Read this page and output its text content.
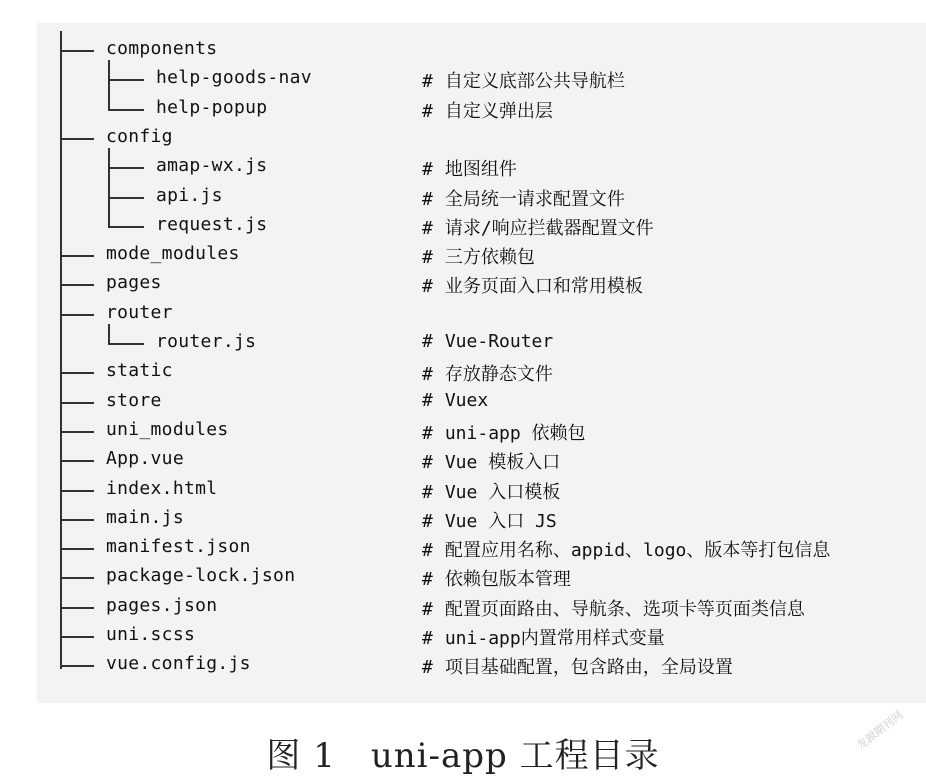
components
help-goods-nav	# 自定义底部公共导航栏
help-popup	# 自定义弹出层
config
amap-wx.js	# 地图组件
api.js	# 全局统一请求配置文件
request.js	# 请求/响应拦截器配置文件
mode_modules	# 三方依赖包
pages	# 业务页面入口和常用模板
router
router.js	# Vue-Router
static	# 存放静态文件
store	# Vuex
uni_modules	# uni-app 依赖包
App.vue	# Vue 模板入口
index.html	# Vue 入口模板
main.js	# Vue 入口 JS
manifest.json	# 配置应用名称、appid、logo、版本等打包信息
package-lock.json	# 依赖包版本管理
pages.json	# 配置页面路由、导航条、选项卡等页面类信息
uni.scss	# uni-app内置常用样式变量
vue.config.js	# 项目基础配置，包含路由，全局设置
图 1　uni-app 工程目录
龙源期刊网
